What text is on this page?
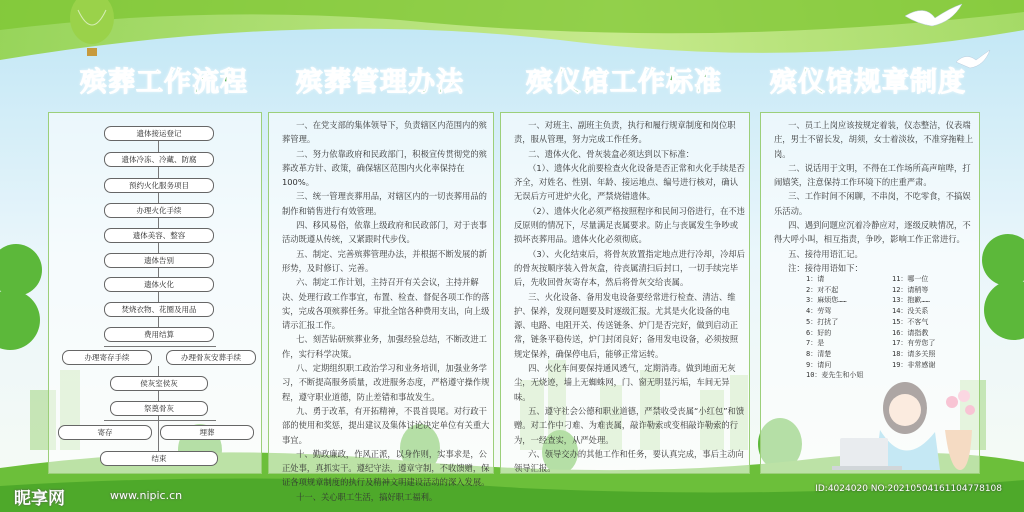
殡葬工作流程 殡葬管理办法 殡仪馆工作标准 殡仪馆规章制度
遗体接运登记
遗体冷冻、冷藏、防腐
预约火化服务项目
办理火化手续
遗体美容、整容
遗体告别
遗体火化
焚烧衣物、花圈及用品
费用结算
办理寄存手续	办理骨灰安葬手续
侯灰室侯灰
祭奠骨灰
寄存	埋葬
结束

一、在党支部的集体领导下，负责辖区内范围内的殡葬管理。

二、努力依靠政府和民政部门，积极宣传贯彻党的殡葬改革方针、政策，确保辖区范围内火化率保持在100%。

三、统一管理丧葬用品，对辖区内的一切丧葬用品的制作和销售进行有效管理。

四、移风易俗，依靠上级政府和民政部门，对于丧事活动既遵从传统，又紧跟时代步伐。

五、制定、完善殡葬管理办法，并根据不断发展的新形势，及时修订、完善。

六、制定工作计划，主持召开有关会议，主持并解决、处理行政工作事宜，布置、检查、督促各项工作的落实，完成各项殡葬任务。审批全馆各种费用支出，向上级请示汇报工作。

七、刻苦钻研殡葬业务，加强经验总结，不断改进工作，实行科学决策。

八、定期组织职工政治学习和业务培训，加强业务学习，不断提高服务质量，改进服务态度，严格遵守操作规程，遵守职业道德，防止差错和事故发生。

九、勇于改革，有开拓精神，不畏首畏尾。对行政干部的使用和奖惩，提出建议及集体讨论决定单位有关重大事宜。

十、勤政廉政，作风正派，以身作则，实事求是，公正处事，真抓实干。遵纪守法，遵章守制，不收馈赠，保证各项规章制度的执行及精神文明建设活动的深入发展。

十一、关心职工生活，搞好职工福利。

一、对班主、副班主负责，执行和履行规章制度和岗位职责，服从管理，努力完成工作任务。

二、遗体火化、骨灰装盒必须达到以下标准：

（1）、遗体火化前要检查火化设备是否正常和火化手续是否齐全，对姓名、性别、年龄、接运地点、编号进行核对，确认无误后方可进炉火化，严禁烧错遗体。

（2）、遗体火化必须严格按照程序和民间习俗进行，在不违反原则的情况下，尽量满足丧属要求。防止与丧属发生争吵或损坏丧葬用品。遗体火化必须彻底。

（3）、火化结束后，将骨灰放置指定地点进行冷却，冷却后的骨灰按顺序装入骨灰盒，待丧属清扫后封口，一切手续完毕后，先收回骨灰寄存本，然后将骨灰交给丧属。

三、火化设备、备用发电设备要经常进行检查、清洁、维护、保养，发现问题要及时逐级汇报。尤其是火化设备的电源、电路、电阻开关、传送链条、炉门是否完好，做到启动正常，链条平稳传送，炉门封闭良好；备用发电设备，必须按照规定保养，确保停电后，能够正常运转。

四、火化车间要保持通风透气，定期消毒。做到地面无灰尘，无烧迹，墙上无蜘蛛网，门、窗无明显污垢，车间无异味。

五、遵守社会公德和职业道德，严禁收受丧属“小红包”和馈赠。对工作中刁难、为难丧属，敲诈勒索或变相敲诈勒索的行为，一经查实，从严处理。

六、领导交办的其他工作和任务，要认真完成，事后主动向领导汇报。

一、员工上岗应该按规定着装，仪态整洁，仪表端庄，男士不留长发，胡须，女士着淡妆，不准穿拖鞋上岗。

二、说话用于文明，不得在工作场所高声喧哗，打闹嬉笑，注意保持工作环境下的庄重严肃。

三、工作时间不闲聊，不串岗，不吃零食，不搞娱乐活动。

四、遇到问题应沉着冷静应对，逐级反映情况，不得大呼小叫，相互指责，争吵，影响工作正常进行。

五、接待用语汇记。

注：接待用语如下：

1：请
2：对不起
3：麻烦您……
4：劳驾
5：打扰了
6：好的
7：是
8：清楚
9：请问
10：麦先生和小姐
11：哪一位
12：请稍等
13：抱歉……
14：没关系
15：不客气
16：请指教
17：有劳您了
18：请多关照
19：非常感谢
昵享网	www.nipic.cn	ID:4024020 NO:20210504161104778108
